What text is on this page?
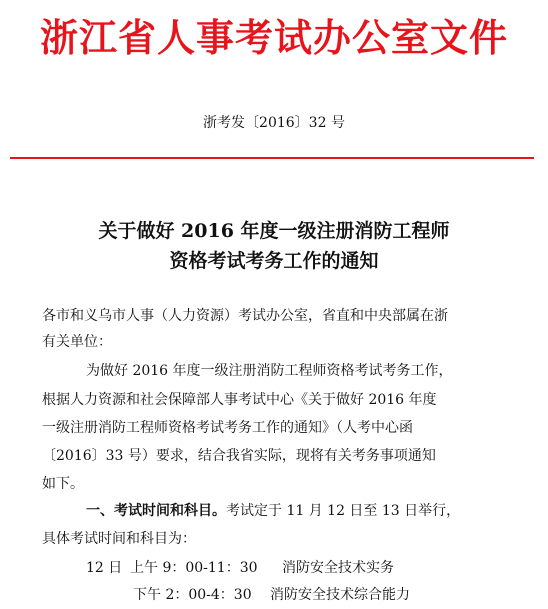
浙江省人事考试办公室文件
浙考发〔2016〕32 号
关于做好 2016 年度一级注册消防工程师
资格考试考务工作的通知
各市和义乌市人事（人力资源）考试办公室，省直和中央部属在浙
有关单位：
为做好 2016 年度一级注册消防工程师资格考试考务工作，
根据人力资源和社会保障部人事考试中心《关于做好 2016 年度
一级注册消防工程师资格考试考务工作的通知》（人考中心函
〔2016〕33 号）要求，结合我省实际，现将有关考务事项通知
如下。
一、考试时间和科目。考试定于 11 月 12 日至 13 日举行，
具体考试时间和科目为：
12 日 上午 9：00-11：30 消防安全技术实务
下午 2：00-4：30 消防安全技术综合能力
